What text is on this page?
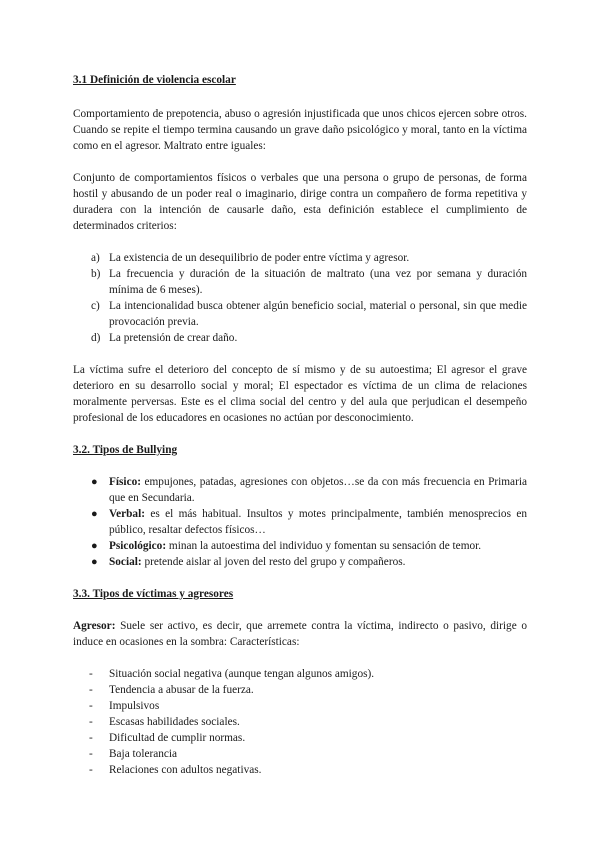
3.1 Definición de violencia escolar

Comportamiento de prepotencia, abuso o agresión injustificada que unos chicos ejercen sobre otros. Cuando se repite el tiempo termina causando un grave daño psicológico y moral, tanto en la víctima como en el agresor. Maltrato entre iguales:

Conjunto de comportamientos físicos o verbales que una persona o grupo de personas, de forma hostil y abusando de un poder real o imaginario, dirige contra un compañero de forma repetitiva y duradera con la intención de causarle daño, esta definición establece el cumplimiento de determinados criterios:

a) La existencia de un desequilibrio de poder entre víctima y agresor.
b) La frecuencia y duración de la situación de maltrato (una vez por semana y duración mínima de 6 meses).
c) La intencionalidad busca obtener algún beneficio social, material o personal, sin que medie provocación previa.
d) La pretensión de crear daño.

La víctima sufre el deterioro del concepto de sí mismo y de su autoestima; El agresor el grave deterioro en su desarrollo social y moral; El espectador es víctima de un clima de relaciones moralmente perversas. Este es el clima social del centro y del aula que perjudican el desempeño profesional de los educadores en ocasiones no actúan por desconocimiento.

3.2. Tipos de Bullying
● Físico: empujones, patadas, agresiones con objetos…se da con más frecuencia en Primaria que en Secundaria.
● Verbal: es el más habitual. Insultos y motes principalmente, también menosprecios en público, resaltar defectos físicos…
● Psicológico: minan la autoestima del individuo y fomentan su sensación de temor.
● Social: pretende aislar al joven del resto del grupo y compañeros.
3.3. Tipos de víctimas y agresores

Agresor: Suele ser activo, es decir, que arremete contra la víctima, indirecto o pasivo, dirige o induce en ocasiones en la sombra: Características:

- Situación social negativa (aunque tengan algunos amigos).
- Tendencia a abusar de la fuerza.
- Impulsivos
- Escasas habilidades sociales.
- Dificultad de cumplir normas.
- Baja tolerancia
- Relaciones con adultos negativas.
